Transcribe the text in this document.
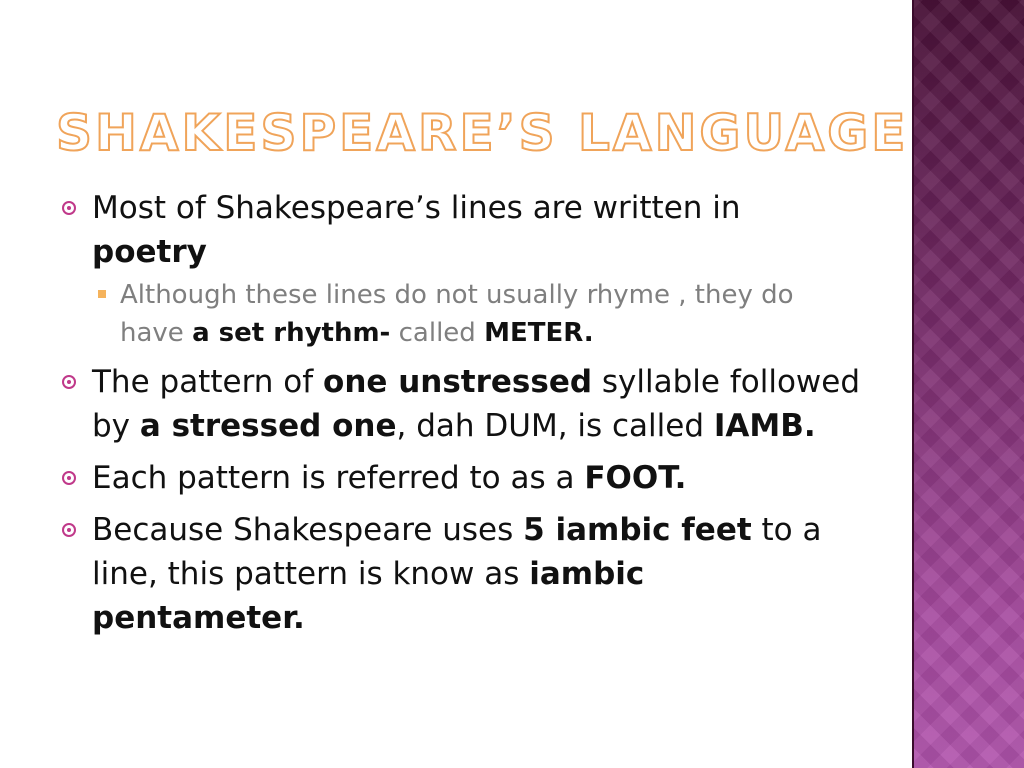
SHAKESPEARE’S LANGUAGE
Most of Shakespeare’s lines are written in poetry
Although these lines do not usually rhyme , they do have a set rhythm- called METER.
The pattern of one unstressed syllable followed by a stressed one, dah DUM, is called IAMB.
Each pattern is referred to as a FOOT.
Because Shakespeare uses 5 iambic feet to a line, this pattern is know as iambic pentameter.
